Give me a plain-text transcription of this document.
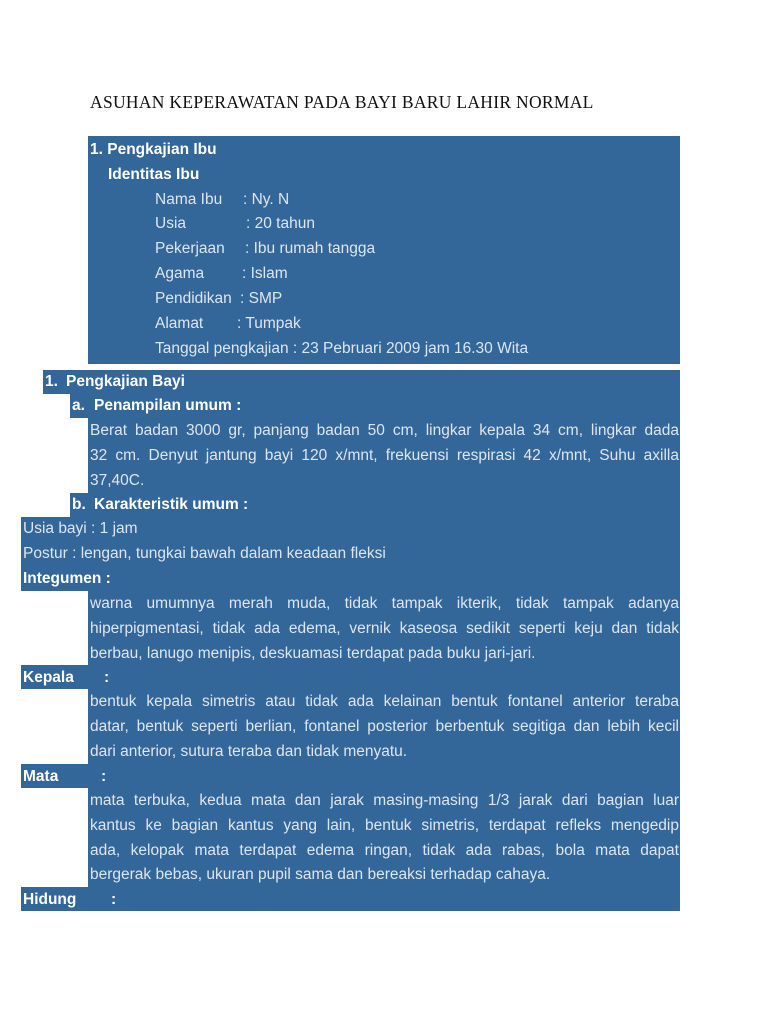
ASUHAN KEPERAWATAN PADA BAYI BARU LAHIR NORMAL
1. Pengkajian Ibu
Identitas Ibu
Nama Ibu : Ny. N
Usia	: 20 tahun
Pekerjaan : Ibu rumah tangga
Agama : Islam
Pendidikan : SMP
Alamat : Tumpak
Tanggal pengkajian : 23 Pebruari 2009 jam 16.30 Wita
1. Pengkajian Bayi
a. Penampilan umum :
Berat badan 3000 gr, panjang badan 50 cm, lingkar kepala 34 cm, lingkar dada
32 cm. Denyut jantung bayi 120 x/mnt, frekuensi respirasi 42 x/mnt, Suhu axilla
37,40C.
b. Karakteristik umum :
Usia bayi : 1 jam
Postur : lengan, tungkai bawah dalam keadaan fleksi
Integumen :
warna umumnya merah muda, tidak tampak ikterik, tidak tampak adanya
hiperpigmentasi, tidak ada edema, vernik kaseosa sedikit seperti keju dan tidak
berbau, lanugo menipis, deskuamasi terdapat pada buku jari-jari.
Kepala :
bentuk kepala simetris atau tidak ada kelainan bentuk fontanel anterior teraba
datar, bentuk seperti berlian, fontanel posterior berbentuk segitiga dan lebih kecil
dari anterior, sutura teraba dan tidak menyatu.
Mata	:
mata terbuka, kedua mata dan jarak masing-masing 1/3 jarak dari bagian luar
kantus ke bagian kantus yang lain, bentuk simetris, terdapat refleks mengedip
ada, kelopak mata terdapat edema ringan, tidak ada rabas, bola mata dapat
bergerak bebas, ukuran pupil sama dan bereaksi terhadap cahaya.
Hidung :
